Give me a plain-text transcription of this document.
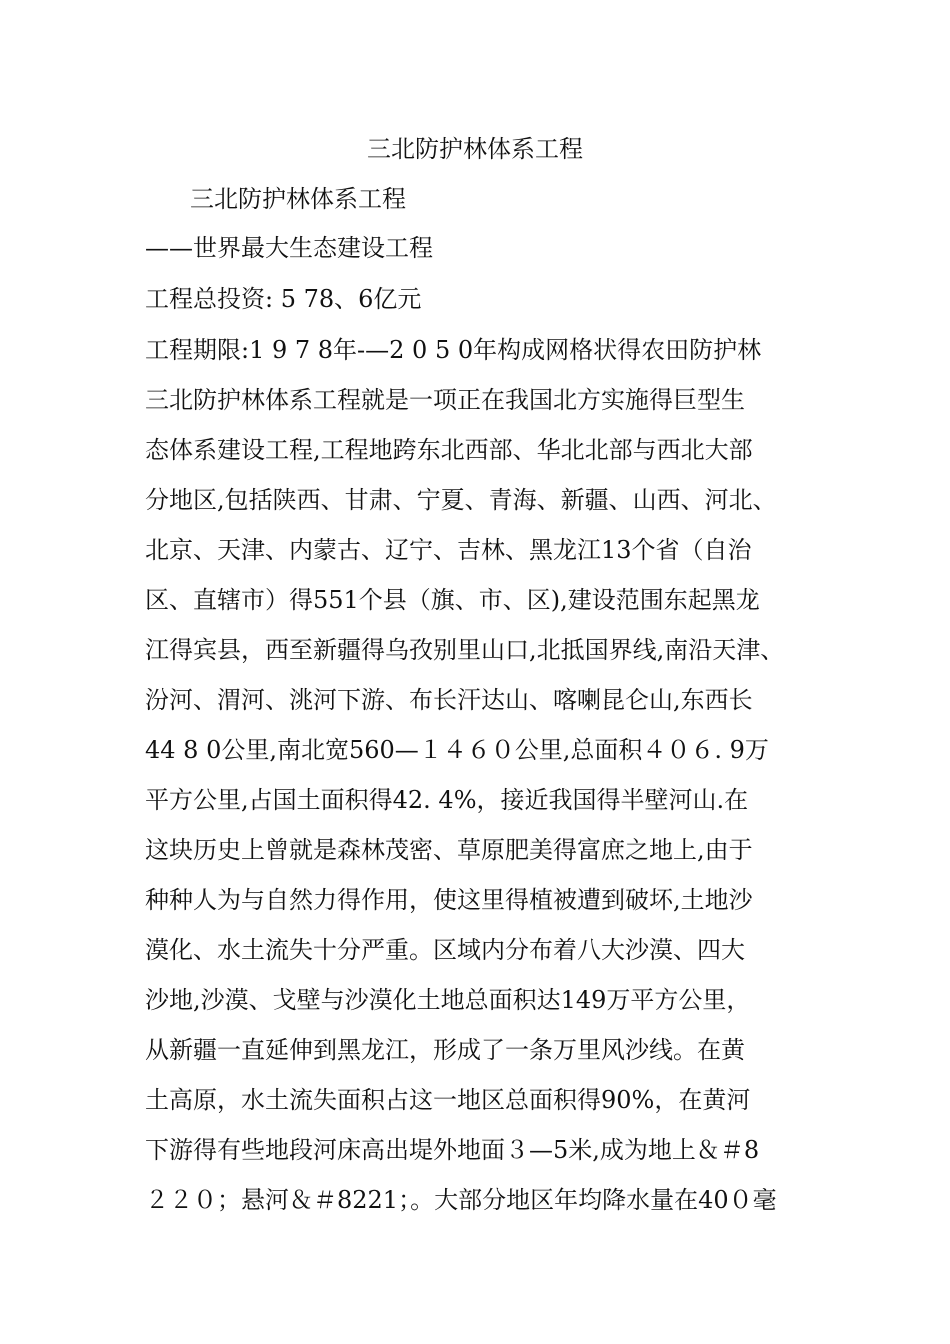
三北防护林体系工程
三北防护林体系工程
——世界最大生态建设工程
工程总投资: 5 78、6亿元
工程期限:1 9 7 8年-—2 0 5 0年构成网格状得农田防护林
三北防护林体系工程就是一项正在我国北方实施得巨型生
态体系建设工程,工程地跨东北西部、华北北部与西北大部
分地区,包括陕西、甘肃、宁夏、青海、新疆、山西、河北、
北京、天津、内蒙古、辽宁、吉林、黑龙江13个省（自治
区、直辖市）得551个县（旗、市、区),建设范围东起黑龙
江得宾县，西至新疆得乌孜别里山口,北抵国界线,南沿天津、
汾河、渭河、洮河下游、布长汗达山、喀喇昆仑山,东西长
44 8 0公里,南北宽560—１４６０公里,总面积４０６. 9万
平方公里,占国土面积得42. 4%，接近我国得半壁河山.在
这块历史上曾就是森林茂密、草原肥美得富庶之地上,由于
种种人为与自然力得作用，使这里得植被遭到破坏,土地沙
漠化、水土流失十分严重。区域内分布着八大沙漠、四大
沙地,沙漠、戈壁与沙漠化土地总面积达149万平方公里，
从新疆一直延伸到黑龙江，形成了一条万里风沙线。在黄
土高原，水土流失面积占这一地区总面积得90%，在黄河
下游得有些地段河床高出堤外地面３—5米,成为地上＆＃8
２２０；悬河＆＃8221；。大部分地区年均降水量在40０毫
